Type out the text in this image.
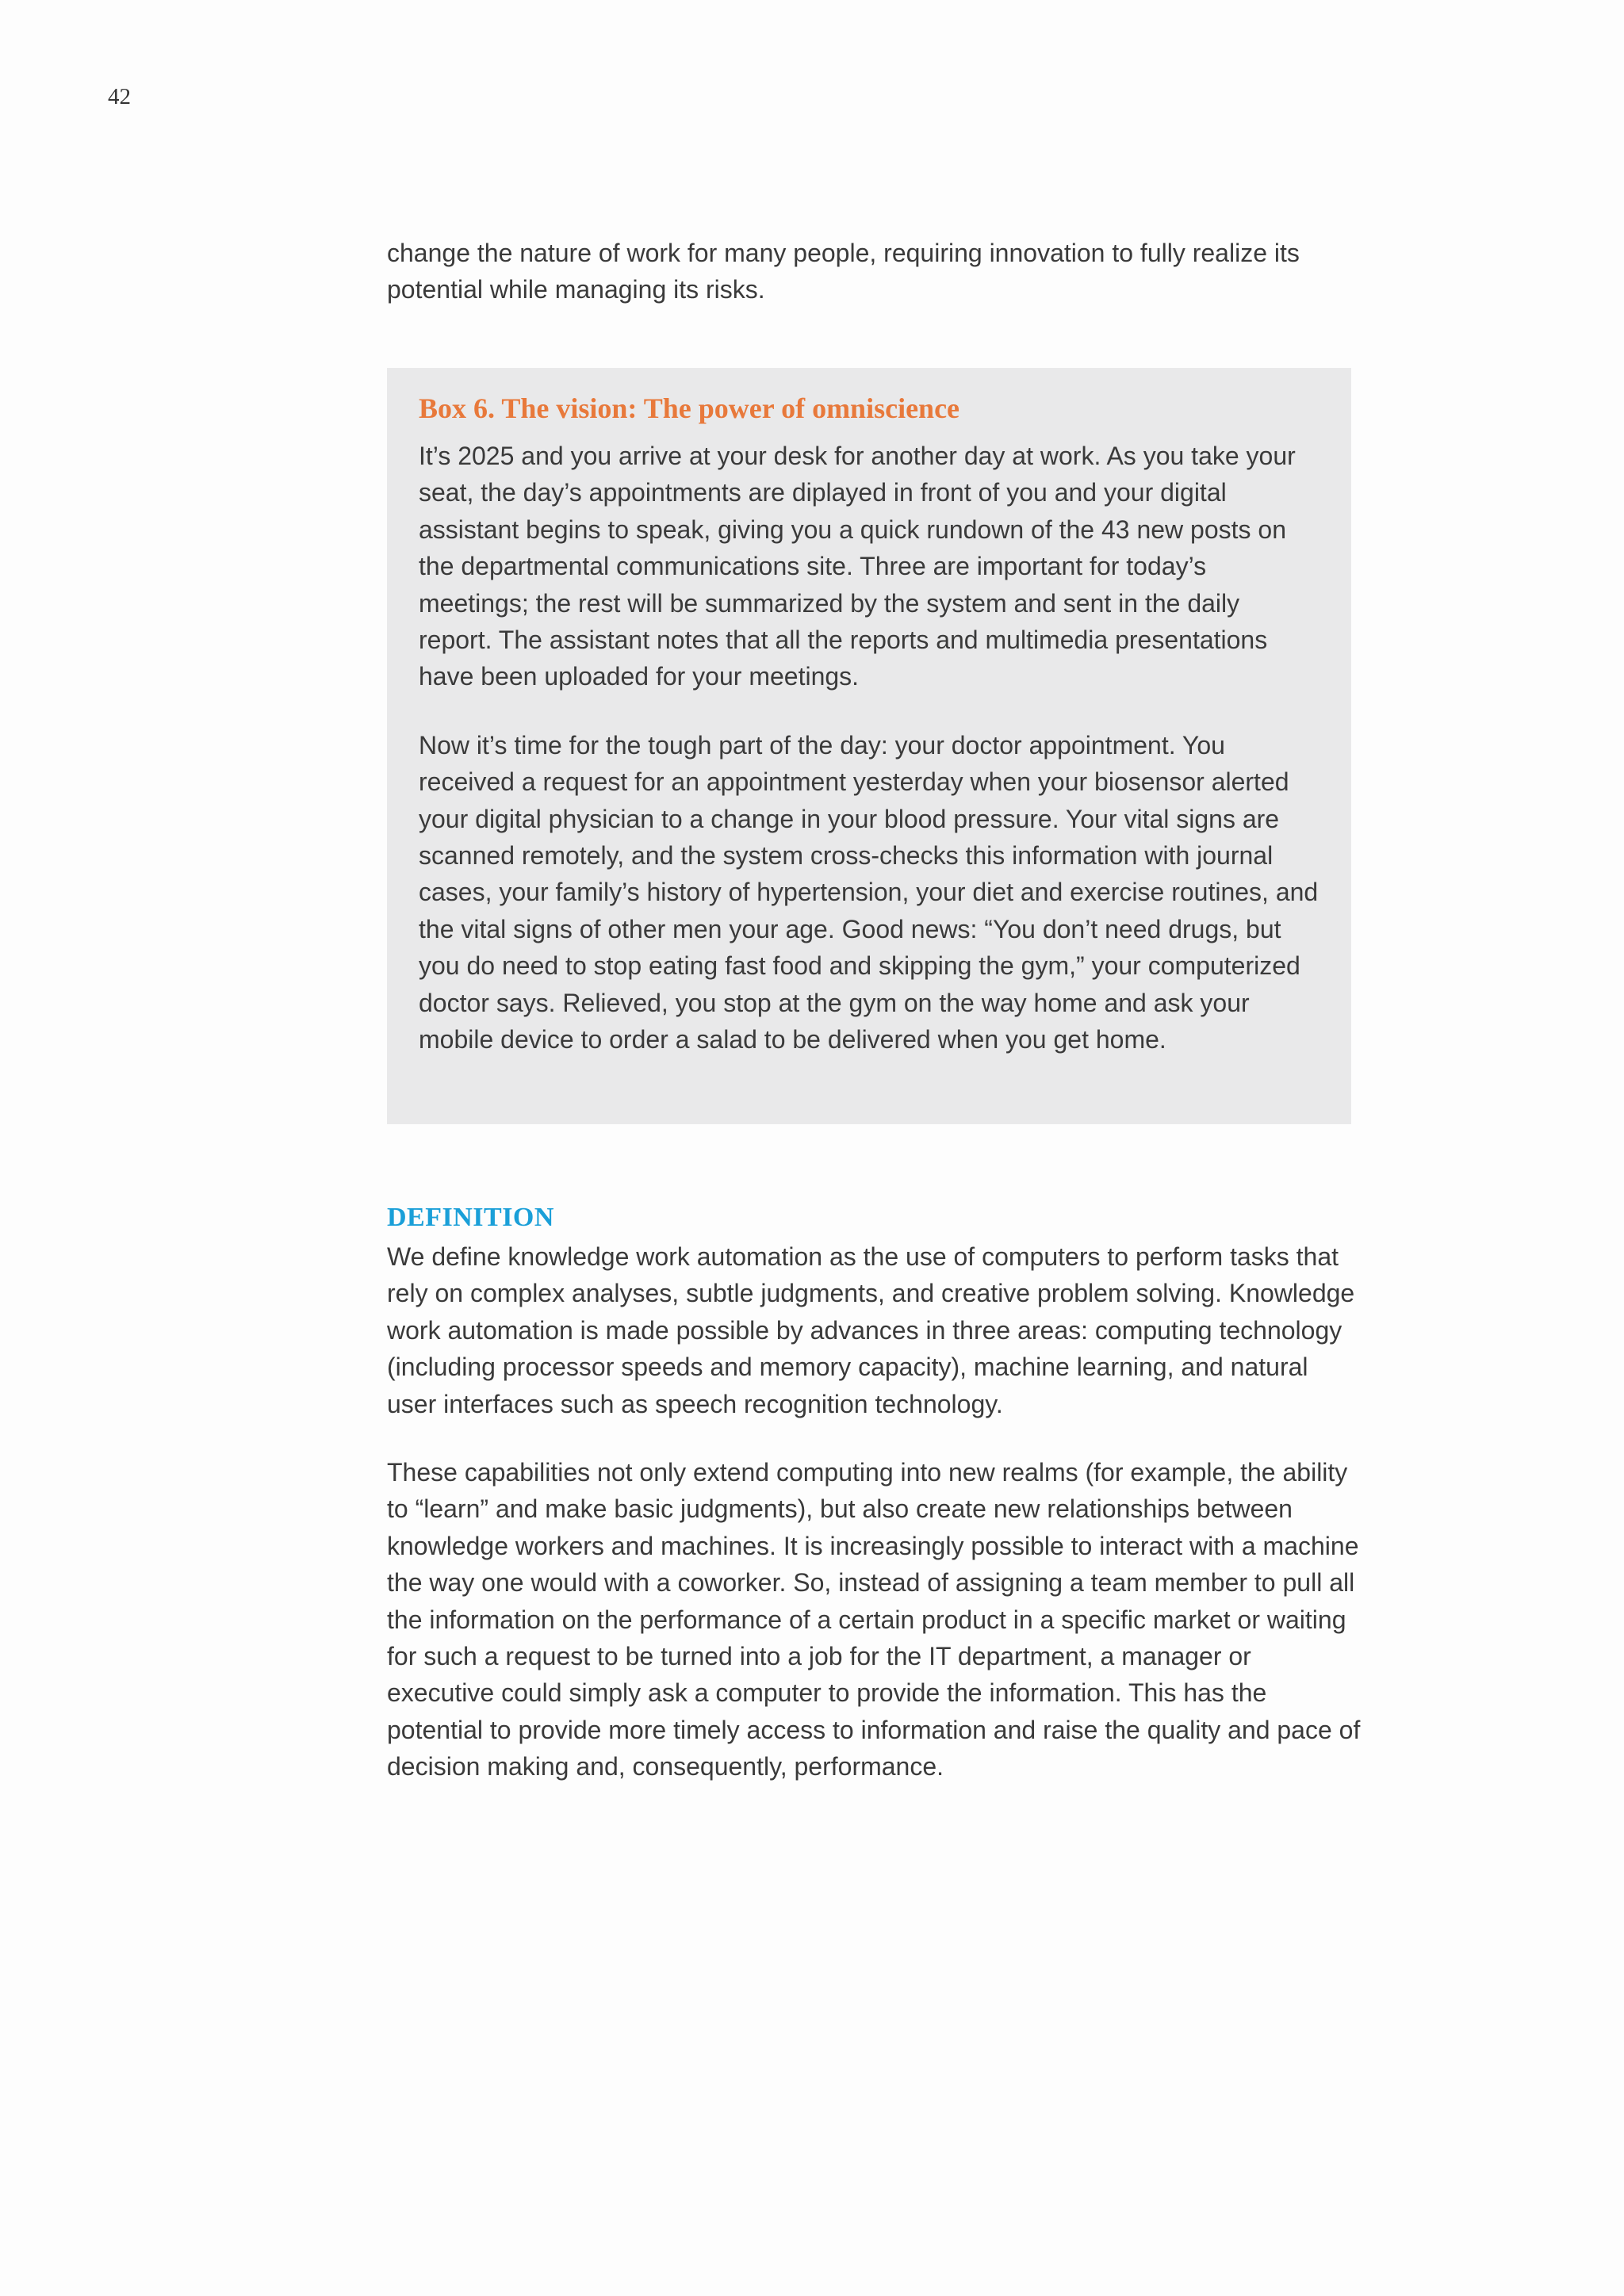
42

change the nature of work for many people, requiring innovation to fully realize its potential while managing its risks.

Box 6. The vision: The power of omniscience

It’s 2025 and you arrive at your desk for another day at work. As you take your seat, the day’s appointments are diplayed in front of you and your digital assistant begins to speak, giving you a quick rundown of the 43 new posts on the departmental communications site. Three are important for today’s meetings; the rest will be summarized by the system and sent in the daily report. The assistant notes that all the reports and multimedia presentations have been uploaded for your meetings.

Now it’s time for the tough part of the day: your doctor appointment. You received a request for an appointment yesterday when your biosensor alerted your digital physician to a change in your blood pressure. Your vital signs are scanned remotely, and the system cross-checks this information with journal cases, your family’s history of hypertension, your diet and exercise routines, and the vital signs of other men your age. Good news: “You don’t need drugs, but you do need to stop eating fast food and skipping the gym,” your computerized doctor says. Relieved, you stop at the gym on the way home and ask your mobile device to order a salad to be delivered when you get home.

DEFINITION

We define knowledge work automation as the use of computers to perform tasks that rely on complex analyses, subtle judgments, and creative problem solving. Knowledge work automation is made possible by advances in three areas: computing technology (including processor speeds and memory capacity), machine learning, and natural user interfaces such as speech recognition technology.

These capabilities not only extend computing into new realms (for example, the ability to “learn” and make basic judgments), but also create new relationships between knowledge workers and machines. It is increasingly possible to interact with a machine the way one would with a coworker. So, instead of assigning a team member to pull all the information on the performance of a certain product in a specific market or waiting for such a request to be turned into a job for the IT department, a manager or executive could simply ask a computer to provide the information. This has the potential to provide more timely access to information and raise the quality and pace of decision making and, consequently, performance.
